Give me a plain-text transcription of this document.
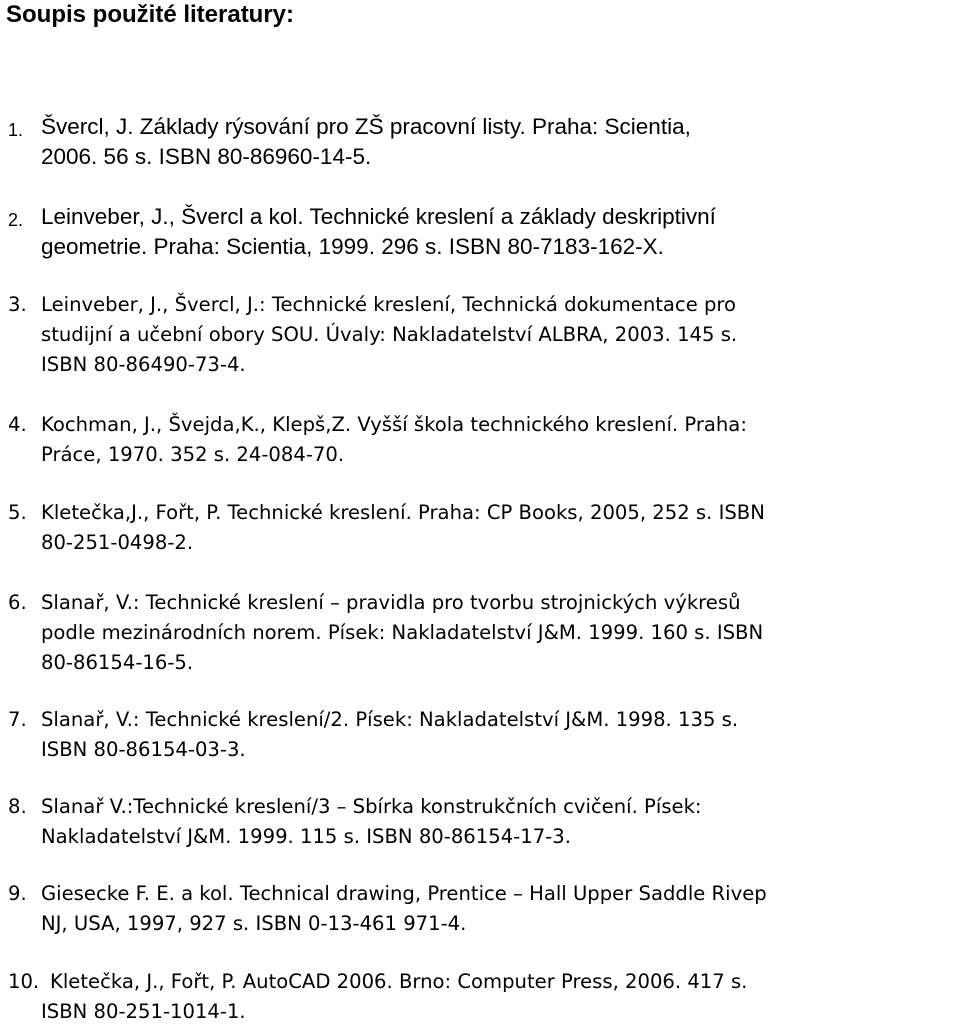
Soupis použité literatury:
1. Švercl, J. Základy rýsování pro ZŠ pracovní listy. Praha: Scientia,
2006. 56 s. ISBN 80-86960-14-5.
2. Leinveber, J., Švercl a kol. Technické kreslení a základy deskriptivní
geometrie. Praha: Scientia, 1999. 296 s. ISBN 80-7183-162-X.
3. Leinveber, J., Švercl, J.: Technické kreslení, Technická dokumentace pro
studijní a učební obory SOU. Úvaly: Nakladatelství ALBRA, 2003. 145 s.
ISBN 80-86490-73-4.
4. Kochman, J., Švejda,K., Klepš,Z. Vyšší škola technického kreslení. Praha:
Práce, 1970. 352 s. 24-084-70.
5. Kletečka,J., Fořt, P. Technické kreslení. Praha: CP Books, 2005, 252 s. ISBN
80-251-0498-2.
6. Slanař, V.: Technické kreslení – pravidla pro tvorbu strojnických výkresů
podle mezinárodních norem. Písek: Nakladatelství J&M. 1999. 160 s. ISBN
80-86154-16-5.
7. Slanař, V.: Technické kreslení/2. Písek: Nakladatelství J&M. 1998. 135 s.
ISBN 80-86154-03-3.
8. Slanař V.:Technické kreslení/3 – Sbírka konstrukčních cvičení. Písek:
Nakladatelství J&M. 1999. 115 s. ISBN 80-86154-17-3.
9. Giesecke F. E. a kol. Technical drawing, Prentice – Hall Upper Saddle Rivep
NJ, USA, 1997, 927 s. ISBN 0-13-461 971-4.
10. Kletečka, J., Fořt, P. AutoCAD 2006. Brno: Computer Press, 2006. 417 s.
ISBN 80-251-1014-1.
